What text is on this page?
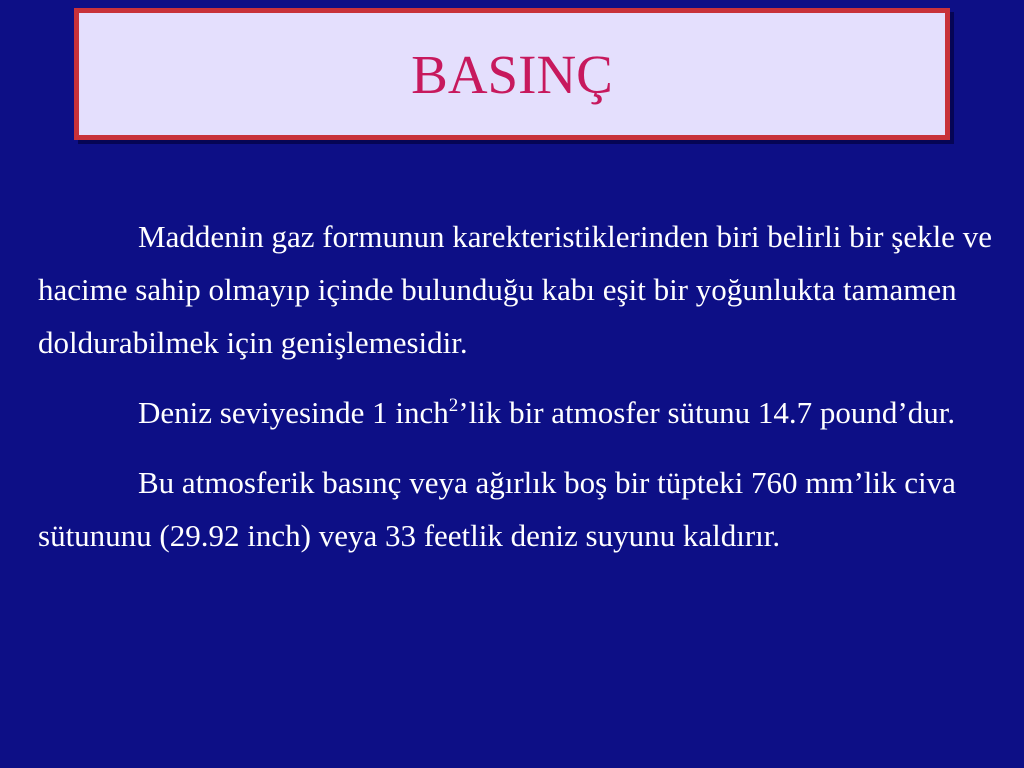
BASINÇ

Maddenin gaz formunun karekteristiklerinden biri belirli bir şekle ve hacime sahip olmayıp içinde bulunduğu kabı eşit bir yoğunlukta tamamen doldurabilmek için genişlemesidir.

Deniz seviyesinde 1 inch$^2$’lik bir atmosfer sütunu 14.7 pound’dur.

Bu atmosferik basınç veya ağırlık boş bir tüpteki 760 mm’lik civa sütununu (29.92 inch) veya 33 feetlik deniz suyunu kaldırır.
